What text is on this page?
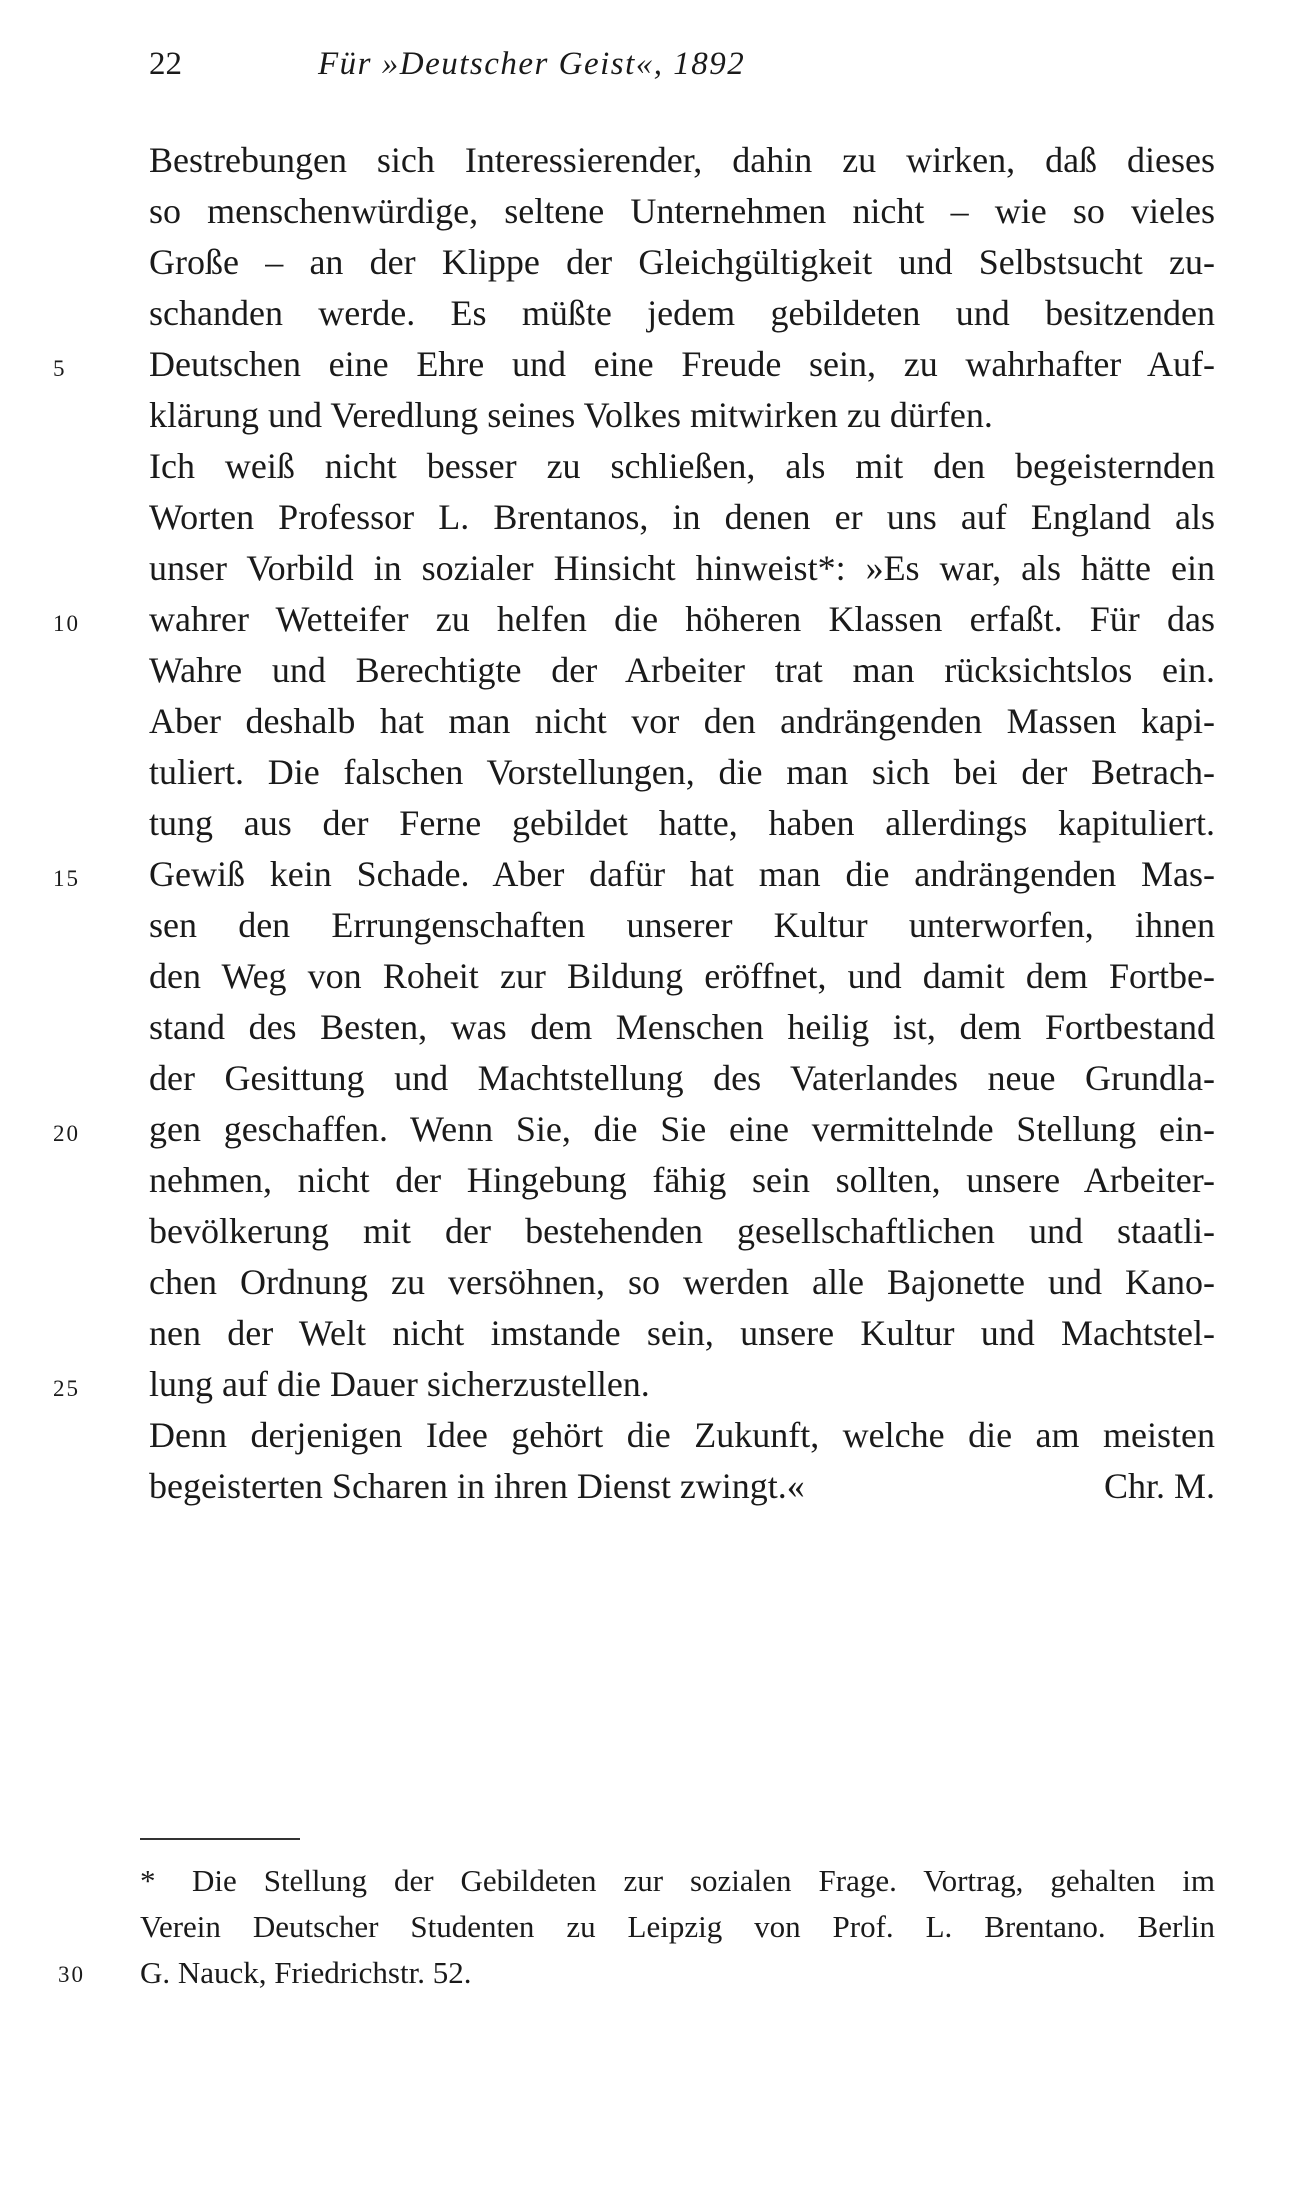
22	Für »Deutscher Geist«, 1892
Bestrebungen sich Interessierender, dahin zu wirken, daß dieses
so menschenwürdige, seltene Unternehmen nicht – wie so vieles
Große – an der Klippe der Gleichgültigkeit und Selbstsucht zu-
schanden werde. Es müßte jedem gebildeten und besitzenden
Deutschen eine Ehre und eine Freude sein, zu wahrhafter Auf-
5
klärung und Veredlung seines Volkes mitwirken zu dürfen.
Ich weiß nicht besser zu schließen, als mit den begeisternden
Worten Professor L. Brentanos, in denen er uns auf England als
unser Vorbild in sozialer Hinsicht hinweist*: »Es war, als hätte ein
wahrer Wetteifer zu helfen die höheren Klassen erfaßt. Für das
10
Wahre und Berechtigte der Arbeiter trat man rücksichtslos ein.
Aber deshalb hat man nicht vor den andrängenden Massen kapi-
tuliert. Die falschen Vorstellungen, die man sich bei der Betrach-
tung aus der Ferne gebildet hatte, haben allerdings kapituliert.
Gewiß kein Schade. Aber dafür hat man die andrängenden Mas-
15
sen den Errungenschaften unserer Kultur unterworfen, ihnen
den Weg von Roheit zur Bildung eröffnet, und damit dem Fortbe-
stand des Besten, was dem Menschen heilig ist, dem Fortbestand
der Gesittung und Machtstellung des Vaterlandes neue Grundla-
gen geschaffen. Wenn Sie, die Sie eine vermittelnde Stellung ein-
20
nehmen, nicht der Hingebung fähig sein sollten, unsere Arbeiter-
bevölkerung mit der bestehenden gesellschaftlichen und staatli-
chen Ordnung zu versöhnen, so werden alle Bajonette und Kano-
nen der Welt nicht imstande sein, unsere Kultur und Machtstel-
lung auf die Dauer sicherzustellen.
25
Denn derjenigen Idee gehört die Zukunft, welche die am meisten
begeisterten Scharen in ihren Dienst zwingt.«	Chr. M.
* Die Stellung der Gebildeten zur sozialen Frage. Vortrag, gehalten im
Verein Deutscher Studenten zu Leipzig von Prof. L. Brentano. Berlin
G. Nauck, Friedrichstr. 52.
30
